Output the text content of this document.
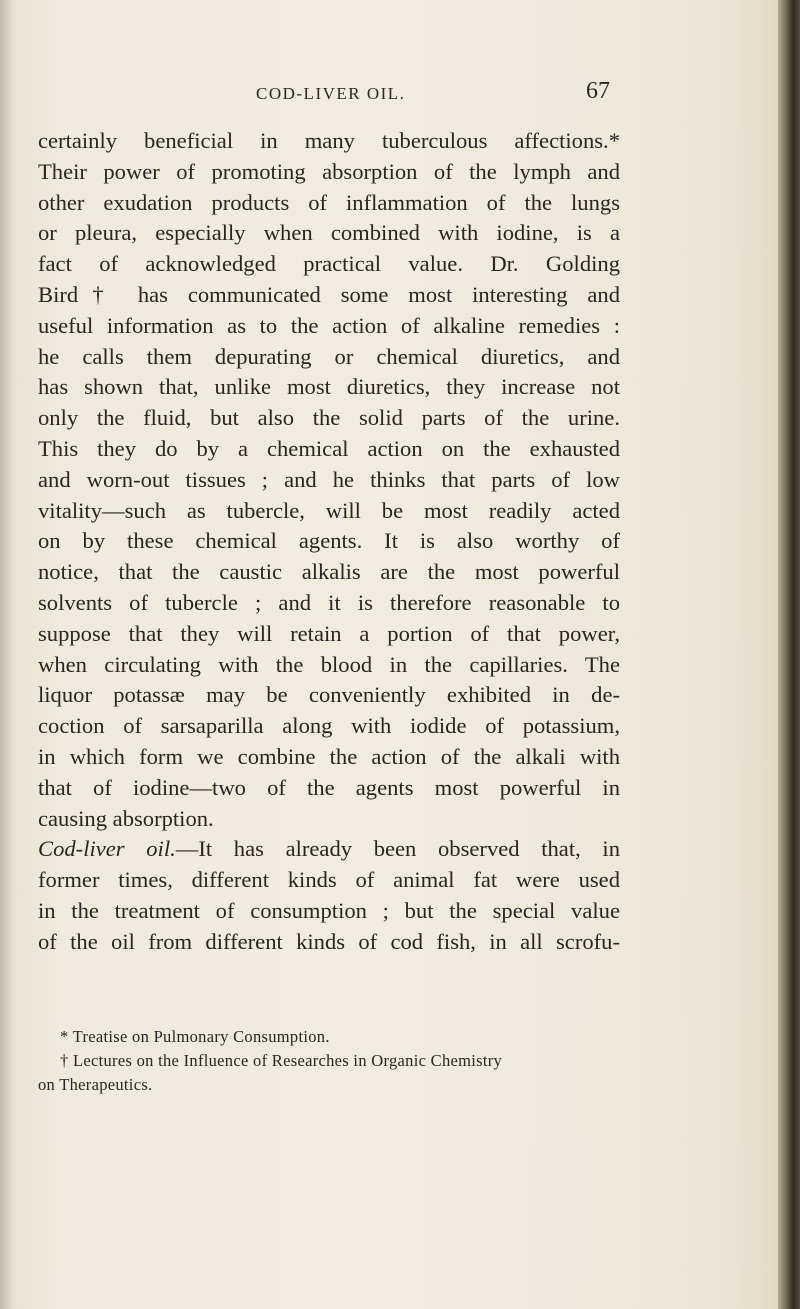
COD-LIVER OIL.	67
certainly beneficial in many tuberculous affections.*
Their power of promoting absorption of the lymph and
other exudation products of inflammation of the lungs
or pleura, especially when combined with iodine, is a
fact of acknowledged practical value. Dr. Golding
Bird† has communicated some most interesting and
useful information as to the action of alkaline remedies :
he calls them depurating or chemical diuretics, and
has shown that, unlike most diuretics, they increase not
only the fluid, but also the solid parts of the urine.
This they do by a chemical action on the exhausted
and worn-out tissues ; and he thinks that parts of low
vitality—such as tubercle, will be most readily acted
on by these chemical agents. It is also worthy of
notice, that the caustic alkalis are the most powerful
solvents of tubercle ; and it is therefore reasonable to
suppose that they will retain a portion of that power,
when circulating with the blood in the capillaries. The
liquor potassæ may be conveniently exhibited in de-
coction of sarsaparilla along with iodide of potassium,
in which form we combine the action of the alkali with
that of iodine—two of the agents most powerful in
causing absorption.
Cod-liver oil.—It has already been observed that, in
former times, different kinds of animal fat were used
in the treatment of consumption ; but the special value
of the oil from different kinds of cod fish, in all scrofu-
* Treatise on Pulmonary Consumption.
† Lectures on the Influence of Researches in Organic Chemistry
on Therapeutics.
